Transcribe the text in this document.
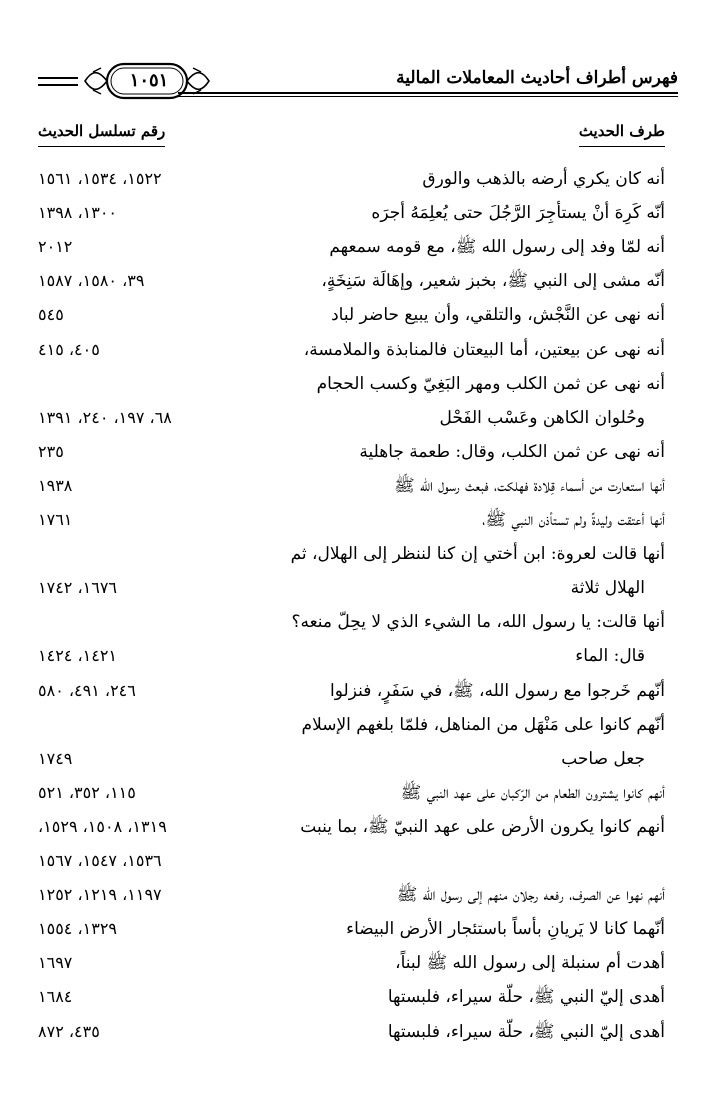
١٠٥١	فهرس أطراف أحاديث المعاملات المالية
طرف الحديث
رقم تسلسل الحديث
أنه كان يكري أرضه بالذهب والورق
١٥٢٢، ١٥٣٤، ١٥٦١
أنّه كَرِهَ أنْ يستأجِرَ الرَّجُلَ حتى يُعلِمَهُ أجرَه
١٣٠٠، ١٣٩٨
أنه لمّا وفد إلى رسول الله ﷺ، مع قومه سمعهم
٢٠١٢
أنّه مشى إلى النبي ﷺ، بخبز شعير، وإهَالَة سَنِخَةٍ،
٣٩، ١٥٨٠، ١٥٨٧
أنه نهى عن النَّجْش، والتلقي، وأن يبيع حاضر لباد
٥٤٥
أنه نهى عن بيعتين، أما البيعتان فالمنابذة والملامسة،
٤٠٥، ٤١٥
أنه نهى عن ثمن الكلب ومهر البَغِيّ وكسب الحجام
وحُلوان الكاهن وعَسْب الفَحْل
٦٨، ١٩٧، ٢٤٠، ١٣٩١
أنه نهى عن ثمن الكلب، وقال: طعمة جاهلية
٢٣٥
أنها استعارت من أسماء قِلادة فهلكت، فبعث رسول الله ﷺ
١٩٣٨
أنها أعتقت وليدةً ولم تستأذن النبي ﷺ،
١٧٦١
أنها قالت لعروة: ابن أختي إن كنا لننظر إلى الهلال، ثم
الهلال ثلاثة
١٦٧٦، ١٧٤٢
أنها قالت: يا رسول الله، ما الشيء الذي لا يحِلّ منعه؟
قال: الماء
١٤٢١، ١٤٢٤
أنّهم خَرجوا مع رسول الله، ﷺ، في سَفَرٍ، فنزلوا
٢٤٦، ٤٩١، ٥٨٠
أنّهم كانوا على مَنْهَل من المناهل، فلمّا بلغهم الإسلام
جعل صاحب
١٧٤٩
أنهم كانوا يشترون الطعام من الرّكبان على عهد النبي ﷺ
١١٥، ٣٥٢، ٥٢١
أنهم كانوا يكرون الأرض على عهد النبيّ ﷺ، بما ينبت
١٣١٩، ١٥٠٨، ١٥٢٩،
١٥٣٦، ١٥٤٧، ١٥٦٧
أنهم نهوا عن الصرف، رفعه رجلان منهم إلى رسول الله ﷺ
١١٩٧، ١٢١٩، ١٢٥٢
أنّهما كانا لا يَريانِ بأساً باستئجار الأرض البيضاء
١٣٢٩، ١٥٥٤
أهدت أم سنبلة إلى رسول الله ﷺ لبناً،
١٦٩٧
أهدى إليّ النبي ﷺ، حلّة سيراء، فلبستها
١٦٨٤
أهدى إليّ النبي ﷺ، حلّة سيراء، فلبستها
٤٣٥، ٨٧٢
